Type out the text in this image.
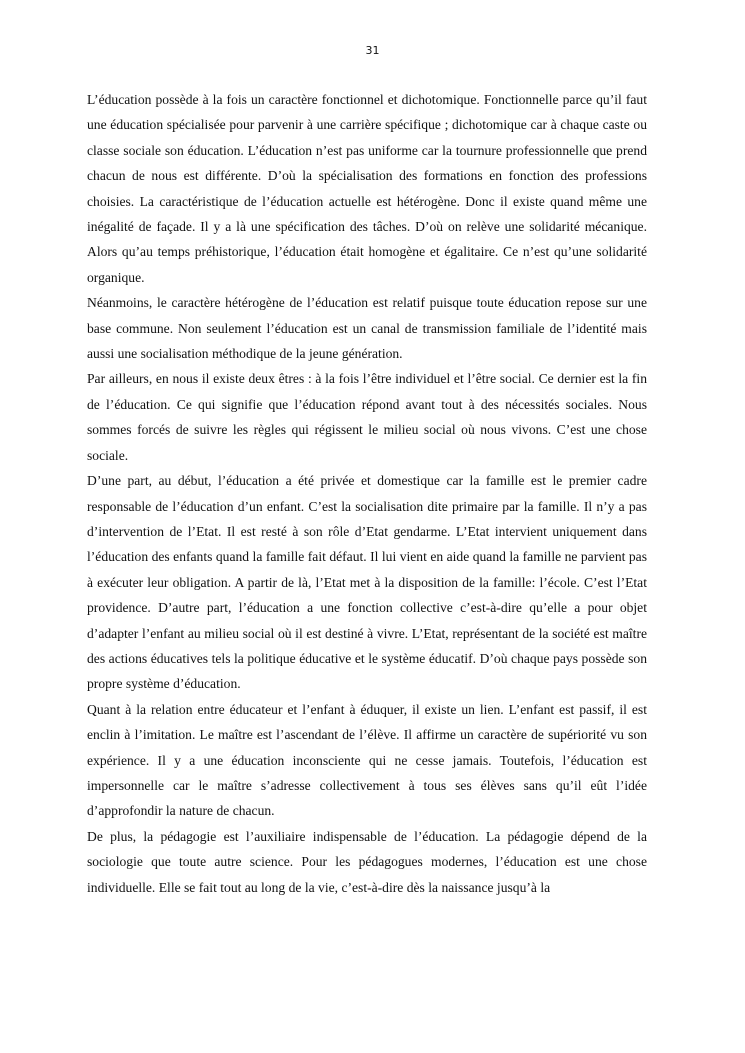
31

L’éducation possède à la fois un caractère fonctionnel et dichotomique. Fonctionnelle parce qu’il faut une éducation spécialisée pour parvenir à une carrière spécifique ; dichotomique car à chaque caste ou classe sociale son éducation. L’éducation n’est pas uniforme car la tournure professionnelle que prend chacun de nous est différente. D’où la spécialisation des formations en fonction des professions choisies. La caractéristique de l’éducation actuelle est hétérogène. Donc il existe quand même une inégalité de façade. Il y a là une spécification des tâches. D’où on relève une solidarité mécanique. Alors qu’au temps préhistorique, l’éducation était homogène et égalitaire. Ce n’est qu’une solidarité organique.

Néanmoins, le caractère hétérogène de l’éducation est relatif puisque toute éducation repose sur une base commune. Non seulement l’éducation est un canal de transmission familiale de l’identité mais aussi une socialisation méthodique de la jeune génération.

Par ailleurs, en nous il existe deux êtres : à la fois l’être individuel et l’être social. Ce dernier est la fin de l’éducation. Ce qui signifie que l’éducation répond avant tout à des nécessités sociales. Nous sommes forcés de suivre les règles qui régissent le milieu social où nous vivons. C’est une chose sociale.

D’une part, au début, l’éducation a été privée et domestique car la famille est le premier cadre responsable de l’éducation d’un enfant. C’est la socialisation dite primaire par la famille. Il n’y a pas d’intervention de l’Etat. Il est resté à son rôle d’Etat gendarme. L’Etat intervient uniquement dans l’éducation des enfants quand la famille fait défaut. Il lui vient en aide quand la famille ne parvient pas à exécuter leur obligation. A partir de là, l’Etat met à la disposition de la famille: l’école. C’est l’Etat providence. D’autre part, l’éducation a une fonction collective c’est-à-dire qu’elle a pour objet d’adapter l’enfant au milieu social où il est destiné à vivre. L’Etat, représentant de la société est maître des actions éducatives tels la politique éducative et le système éducatif. D’où chaque pays possède son propre système d’éducation.

Quant à la relation entre éducateur et l’enfant à éduquer, il existe un lien. L’enfant est passif, il est enclin à l’imitation. Le maître est l’ascendant de l’élève. Il affirme un caractère de supériorité vu son expérience. Il y a une éducation inconsciente qui ne cesse jamais. Toutefois, l’éducation est impersonnelle car le maître s’adresse collectivement à tous ses élèves sans qu’il eût l’idée d’approfondir la nature de chacun.

De plus, la pédagogie est l’auxiliaire indispensable de l’éducation. La pédagogie dépend de la sociologie que toute autre science. Pour les pédagogues modernes, l’éducation est une chose individuelle. Elle se fait tout au long de la vie, c’est-à-dire dès la naissance jusqu’à la
